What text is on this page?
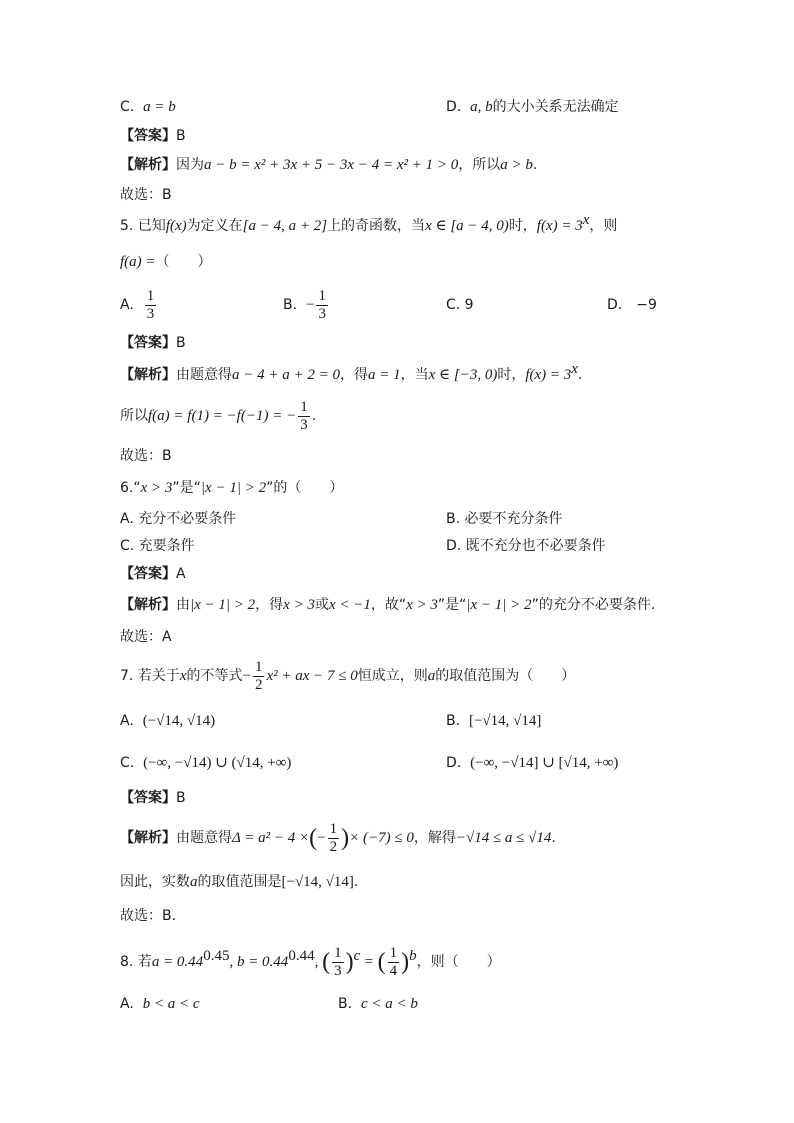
C. a = b	D. a, b的大小关系无法确定
【答案】B
【解析】因为a − b = x² + 3x + 5 − 3x − 4 = x² + 1 > 0，所以a > b.
故选：B
5. 已知f(x)为定义在[a − 4, a + 2]上的奇函数，当x ∈ [a − 4, 0)时，$f(x) = 3^x$，则
f(a) =（　　）
A. $\frac{1}{3}$	B. − $\frac{1}{3}$	C. 9	D.　−9
【答案】B
【解析】由题意得a − 4 + a + 2 = 0，得a = 1，当x ∈ [−3, 0)时，$f(x) = 3^x$.
所以f(a) = f(1) = −f(−1) = − $\frac{1}{3}$ .
故选：B
6.“x > 3”是“|x − 1| > 2”的（　　）
A. 充分不必要条件	B. 必要不充分条件
C. 充要条件	D. 既不充分也不必要条件
【答案】A
【解析】由|x − 1| > 2，得x > 3或x < −1，故“x > 3”是“|x − 1| > 2”的充分不必要条件.
故选：A
7. 若关于x的不等式− $\frac{1}{2} x^2$ + ax − 7 ≤ 0恒成立，则a的取值范围为（　　）
A. (−√14, √14)	B. [−√14, √14]
C. (−∞, −√14) ∪ (√14, +∞)	D. (−∞, −√14] ∪ [√14, +∞)
【答案】B
【解析】由题意得Δ = a² − 4 ×(− $\frac{1}{2}$ )× (−7) ≤ 0，解得−√14 ≤ a ≤ √14.
因此，实数a的取值范围是[−√14, √14].
故选：B.
8. 若$a = 0.44^{0.45}$, $b = 0.44^{0.44}$, ( $\frac{1}{3} )^c$ = ( $\frac{1}{4} )^b$，则（　　）
A. b < a < c	B. c < a < b
